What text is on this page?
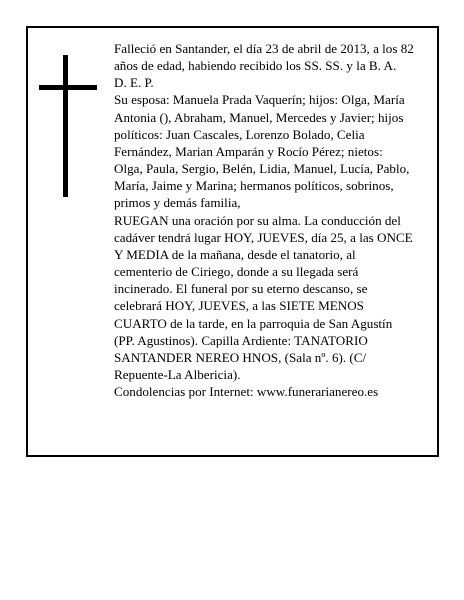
Falleció en Santander, el día 23 de abril de 2013, a los 82 años de edad, habiendo recibido los SS. SS. y la B. A.

D. E. P.

Su esposa: Manuela Prada Vaquerín; hijos: Olga, María Antonia (), Abraham, Manuel, Mercedes y Javier; hijos políticos: Juan Cascales, Lorenzo Bolado, Celia Fernández, Marian Amparán y Rocío Pérez; nietos: Olga, Paula, Sergio, Belén, Lidia, Manuel, Lucía, Pablo, María, Jaime y Marina; hermanos políticos, sobrinos, primos y demás familia,

RUEGAN una oración por su alma. La conducción del cadáver tendrá lugar HOY, JUEVES, día 25, a las ONCE Y MEDIA de la mañana, desde el tanatorio, al cementerio de Ciriego, donde a su llegada será incinerado. El funeral por su eterno descanso, se celebrará HOY, JUEVES, a las SIETE MENOS CUARTO de la tarde, en la parroquia de San Agustín (PP. Agustinos). Capilla Ardiente: TANATORIO SANTANDER NEREO HNOS, (Sala nº. 6). (C/ Repuente-La Albericia).

Condolencias por Internet: www.funerarianereo.es
